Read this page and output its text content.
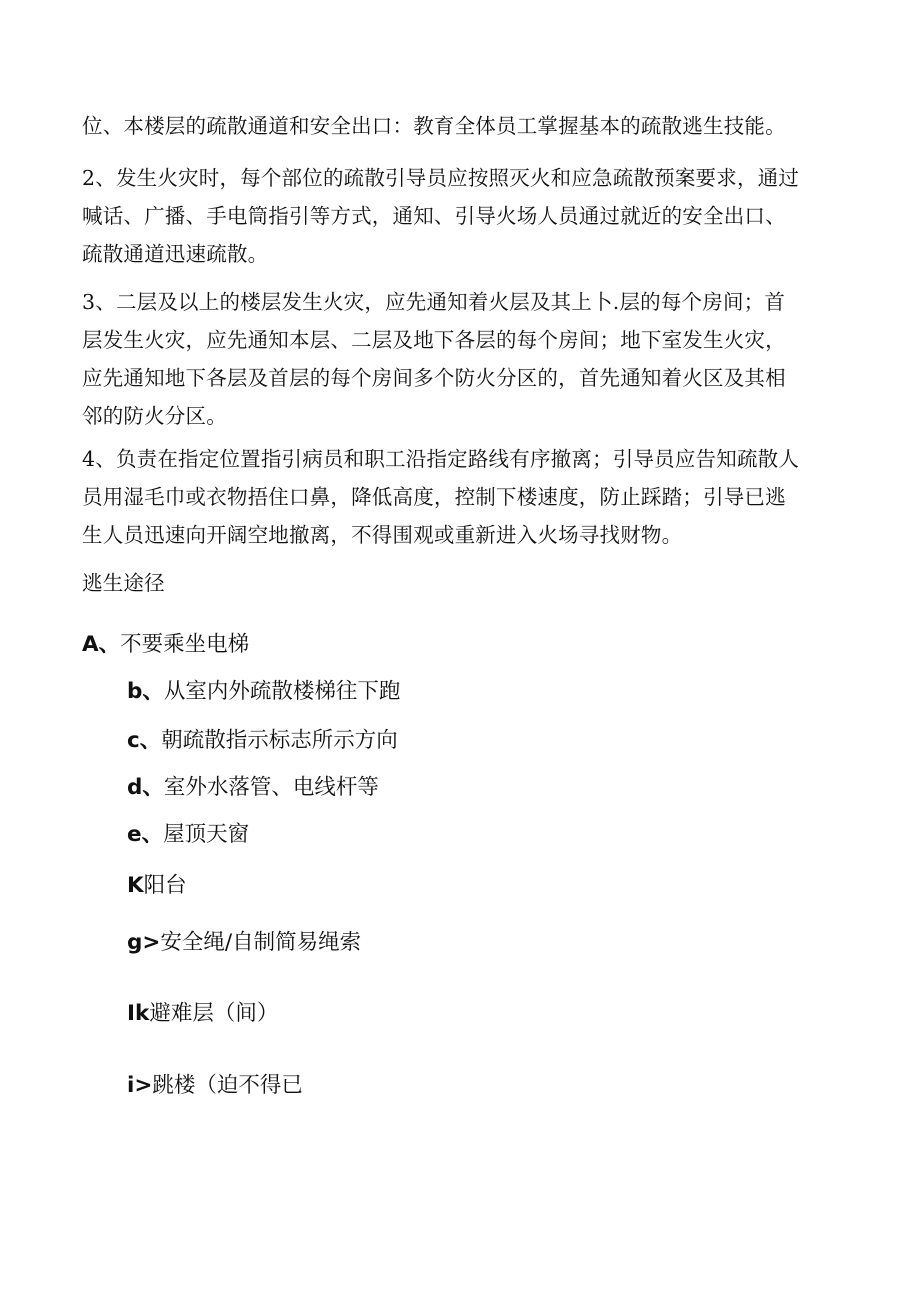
位、本楼层的疏散通道和安全出口：教育全体员工掌握基本的疏散逃生技能。
2、发生火灾时，每个部位的疏散引导员应按照灭火和应急疏散预案要求，通过
喊话、广播、手电筒指引等方式，通知、引导火场人员通过就近的安全出口、
疏散通道迅速疏散。
3、二层及以上的楼层发生火灾，应先通知着火层及其上卜.层的每个房间；首
层发生火灾，应先通知本层、二层及地下各层的每个房间；地下室发生火灾，
应先通知地下各层及首层的每个房间多个防火分区的，首先通知着火区及其相
邻的防火分区。
4、负责在指定位置指引病员和职工沿指定路线有序撤离；引导员应告知疏散人
员用湿毛巾或衣物捂住口鼻，降低高度，控制下楼速度，防止踩踏；引导已逃
生人员迅速向开阔空地撤离，不得围观或重新进入火场寻找财物。
逃生途径
A、不要乘坐电梯
b、从室内外疏散楼梯往下跑
c、朝疏散指示标志所示方向
d、室外水落管、电线杆等
e、屋顶天窗
K阳台
g>安全绳/自制简易绳索
Ik避难层（间）
i>跳楼（迫不得已
